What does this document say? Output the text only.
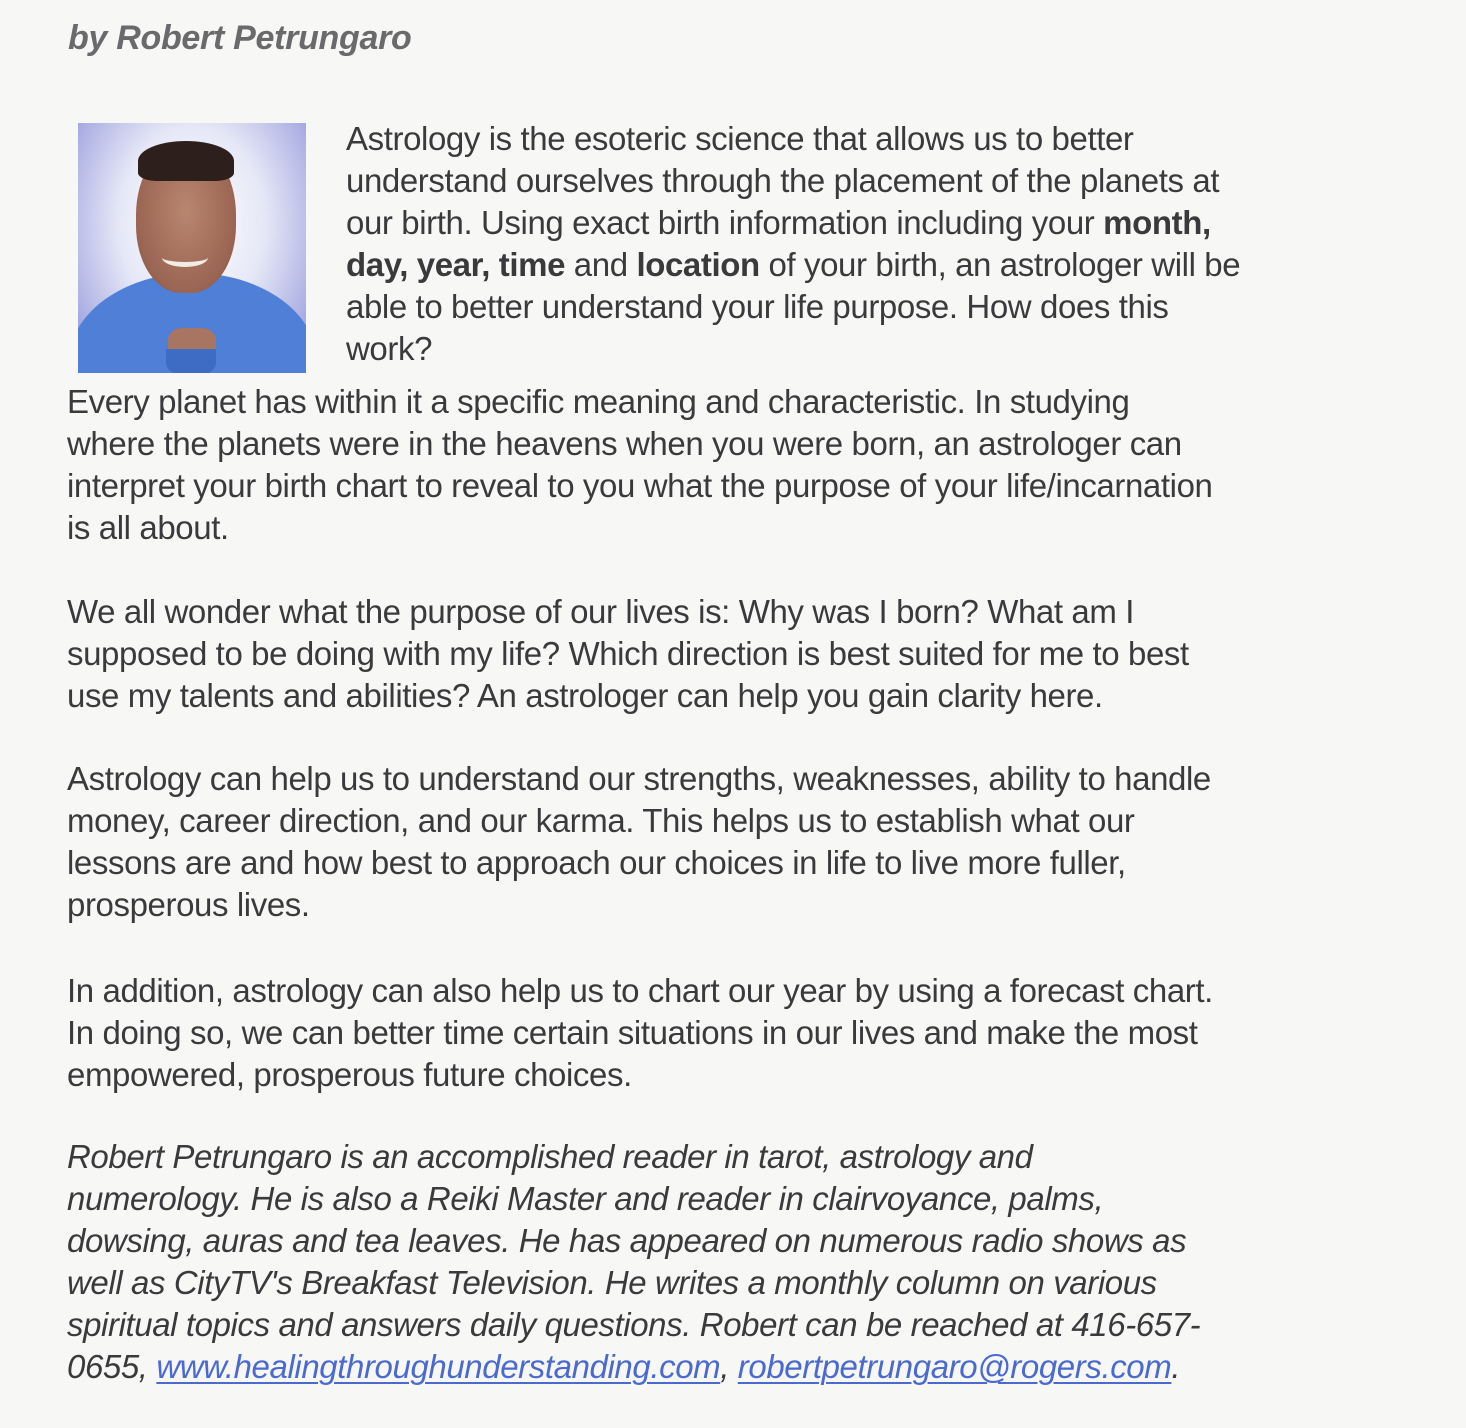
by Robert Petrungaro
Astrology is the esoteric science that allows us to better
understand ourselves through the placement of the planets at
our birth. Using exact birth information including your month,
day, year, time and location of your birth, an astrologer will be
able to better understand your life purpose. How does this
work?
Every planet has within it a specific meaning and characteristic. In studying
where the planets were in the heavens when you were born, an astrologer can
interpret your birth chart to reveal to you what the purpose of your life/incarnation
is all about.
We all wonder what the purpose of our lives is: Why was I born? What am I
supposed to be doing with my life? Which direction is best suited for me to best
use my talents and abilities? An astrologer can help you gain clarity here.
Astrology can help us to understand our strengths, weaknesses, ability to handle
money, career direction, and our karma. This helps us to establish what our
lessons are and how best to approach our choices in life to live more fuller,
prosperous lives.
In addition, astrology can also help us to chart our year by using a forecast chart.
In doing so, we can better time certain situations in our lives and make the most
empowered, prosperous future choices.
Robert Petrungaro is an accomplished reader in tarot, astrology and
numerology. He is also a Reiki Master and reader in clairvoyance, palms,
dowsing, auras and tea leaves. He has appeared on numerous radio shows as
well as CityTV's Breakfast Television. He writes a monthly column on various
spiritual topics and answers daily questions. Robert can be reached at 416-657-
0655, www.healingthroughunderstanding.com, robertpetrungaro@rogers.com.
